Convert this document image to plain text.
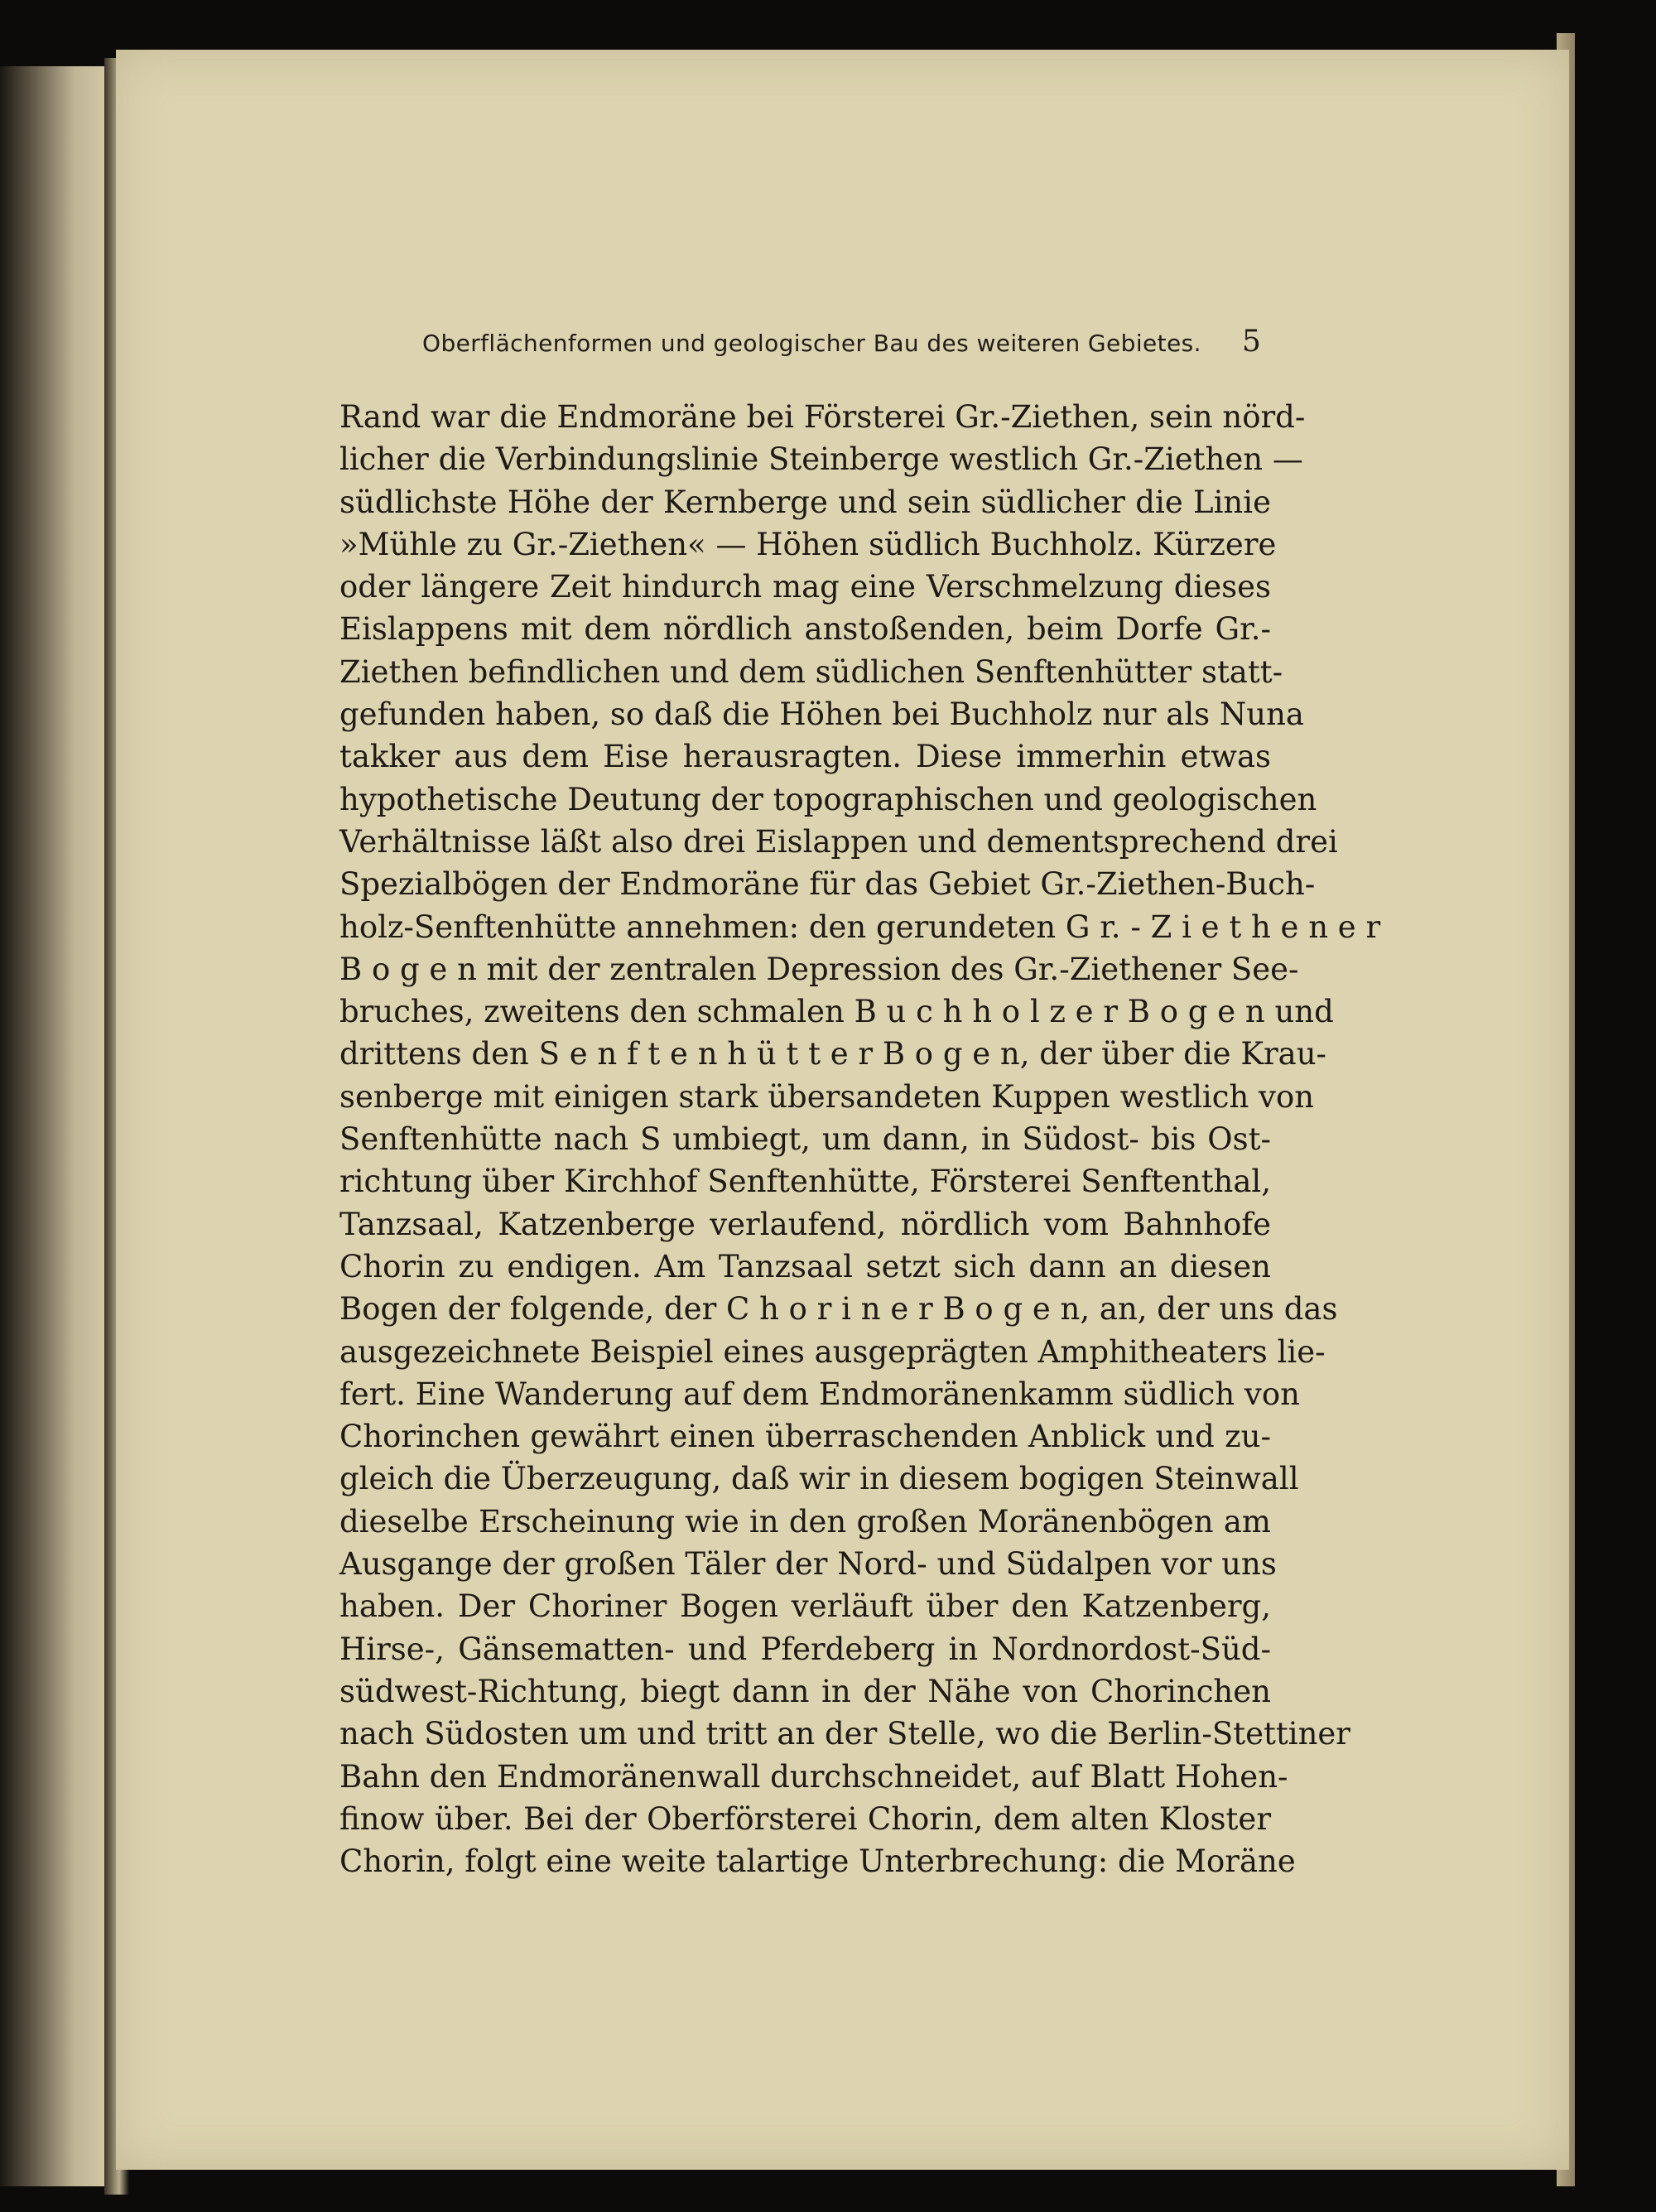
Oberflächenformen und geologischer Bau des weiteren Gebietes.	5
Rand war die Endmoräne bei Försterei Gr.-Ziethen, sein nörd-
licher die Verbindungslinie Steinberge westlich Gr.-Ziethen —
südlichste Höhe der Kernberge und sein südlicher die Linie
»Mühle zu Gr.-Ziethen« — Höhen südlich Buchholz. Kürzere
oder längere Zeit hindurch mag eine Verschmelzung dieses
Eislappens mit dem nördlich anstoßenden, beim Dorfe Gr.-
Ziethen befindlichen und dem südlichen Senftenhütter statt-
gefunden haben, so daß die Höhen bei Buchholz nur als Nuna
takker aus dem Eise herausragten. Diese immerhin etwas
hypothetische Deutung der topographischen und geologischen
Verhältnisse läßt also drei Eislappen und dementsprechend drei
Spezialbögen der Endmoräne für das Gebiet Gr.-Ziethen-Buch-
holz-Senftenhütte annehmen: den gerundeten G r. - Z i e t h e n e r
B o g e n mit der zentralen Depression des Gr.-Ziethener See-
bruches, zweitens den schmalen B u c h h o l z e r B o g e n und
drittens den S e n f t e n h ü t t e r B o g e n, der über die Krau-
senberge mit einigen stark übersandeten Kuppen westlich von
Senftenhütte nach S umbiegt, um dann, in Südost- bis Ost-
richtung über Kirchhof Senftenhütte, Försterei Senftenthal,
Tanzsaal, Katzenberge verlaufend, nördlich vom Bahnhofe
Chorin zu endigen. Am Tanzsaal setzt sich dann an diesen
Bogen der folgende, der C h o r i n e r B o g e n, an, der uns das
ausgezeichnete Beispiel eines ausgeprägten Amphitheaters lie-
fert. Eine Wanderung auf dem Endmoränenkamm südlich von
Chorinchen gewährt einen überraschenden Anblick und zu-
gleich die Überzeugung, daß wir in diesem bogigen Steinwall
dieselbe Erscheinung wie in den großen Moränenbögen am
Ausgange der großen Täler der Nord- und Südalpen vor uns
haben. Der Choriner Bogen verläuft über den Katzenberg,
Hirse-, Gänsematten- und Pferdeberg in Nordnordost-Süd-
südwest-Richtung, biegt dann in der Nähe von Chorinchen
nach Südosten um und tritt an der Stelle, wo die Berlin-Stettiner
Bahn den Endmoränenwall durchschneidet, auf Blatt Hohen-
finow über. Bei der Oberförsterei Chorin, dem alten Kloster
Chorin, folgt eine weite talartige Unterbrechung: die Moräne
